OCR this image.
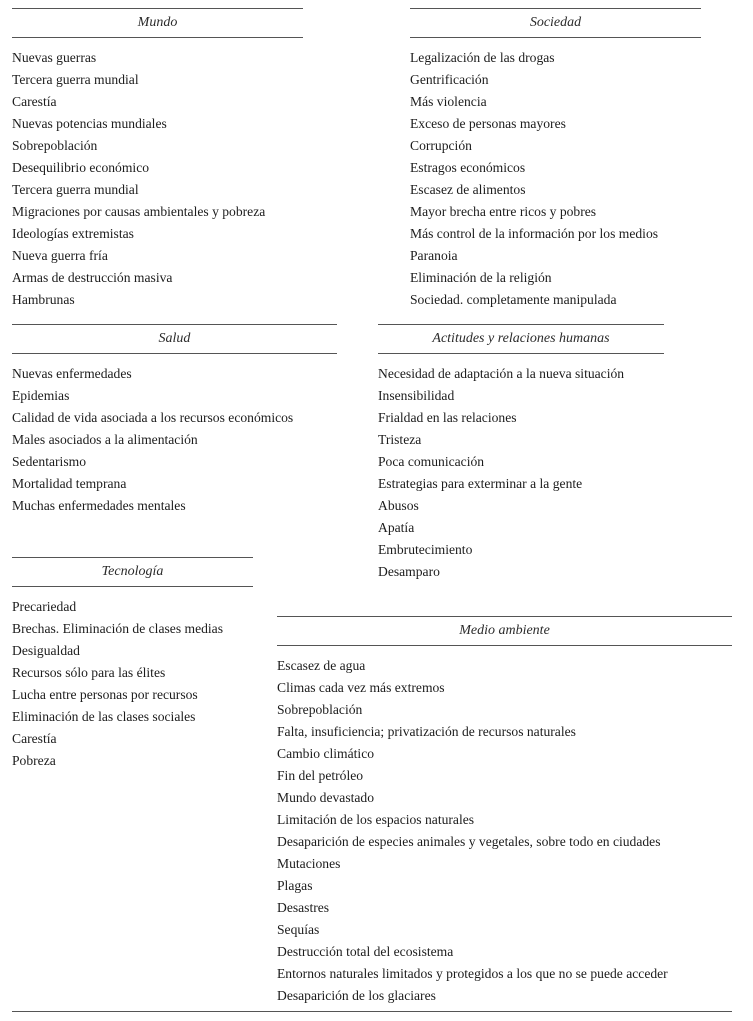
Mundo
Nuevas guerras
Tercera guerra mundial
Carestía
Nuevas potencias mundiales
Sobrepoblación
Desequilibrio económico
Tercera guerra mundial
Migraciones por causas ambientales y pobreza
Ideologías extremistas
Nueva guerra fría
Armas de destrucción masiva
Hambrunas
Sociedad
Legalización de las drogas
Gentrificación
Más violencia
Exceso de personas mayores
Corrupción
Estragos económicos
Escasez de alimentos
Mayor brecha entre ricos y pobres
Más control de la información por los medios
Paranoia
Eliminación de la religión
Sociedad. completamente manipulada
Salud
Nuevas enfermedades
Epidemias
Calidad de vida asociada a los recursos económicos
Males asociados a la alimentación
Sedentarismo
Mortalidad temprana
Muchas enfermedades mentales
Actitudes y relaciones humanas
Necesidad de adaptación a la nueva situación
Insensibilidad
Frialdad en las relaciones
Tristeza
Poca comunicación
Estrategias para exterminar a la gente
Abusos
Apatía
Embrutecimiento
Desamparo
Tecnología
Precariedad
Brechas. Eliminación de clases medias
Desigualdad
Recursos sólo para las élites
Lucha entre personas por recursos
Eliminación de las clases sociales
Carestía
Pobreza
Medio ambiente
Escasez de agua
Climas cada vez más extremos
Sobrepoblación
Falta, insuficiencia; privatización de recursos naturales
Cambio climático
Fin del petróleo
Mundo devastado
Limitación de los espacios naturales
Desaparición de especies animales y vegetales, sobre todo en ciudades
Mutaciones
Plagas
Desastres
Sequías
Destrucción total del ecosistema
Entornos naturales limitados y protegidos a los que no se puede acceder
Desaparición de los glaciares
